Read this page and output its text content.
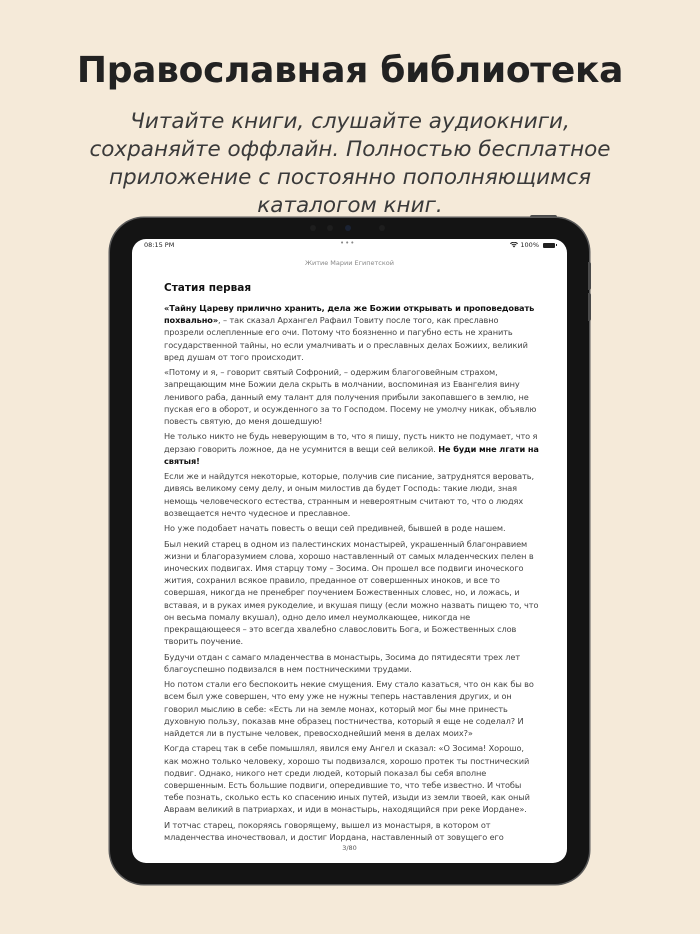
Православная библиотека
Читайте книги, слушайте аудиокниги, сохраняйте оффлайн. Полностью бесплатное приложение с постоянно пополняющимся каталогом книг.
08:15 PM	•••	100%
Житие Марии Египетской
Статия первая

«Тайну Цареву прилично хранить, дела же Божии открывать и проповедовать похвально», – так сказал Архангел Рафаил Товиту после того, как преславно прозрели ослепленные его очи. Потому что боязненно и пагубно есть не хранить государственной тайны, но если умалчивать и о преславных делах Божиих, великий вред душам от того происходит.

«Потому и я, – говорит святый Софроний, – одержим благоговейным страхом, запрещающим мне Божии дела скрыть в молчании, воспоминая из Евангелия вину ленивого раба, данный ему талант для получения прибыли закопавшего в землю, не пуская его в оборот, и осужденного за то Господом. Посему не умолчу никак, объявлю повесть святую, до меня дошедшую!

Не только никто не будь неверующим в то, что я пишу, пусть никто не подумает, что я дерзаю говорить ложное, да не усумнится в вещи сей великой. Не буди мне лгати на святыя!

Если же и найдутся некоторые, которые, получив сие писание, затруднятся веровать, дивясь великому сему делу, и оным милостив да будет Господь: такие люди, зная немощь человеческого естества, странным и невероятным считают то, что о людях возвещается нечто чудесное и преславное.

Но уже подобает начать повесть о вещи сей предивней, бывшей в роде нашем.

Был некий старец в одном из палестинских монастырей, украшенный благонравием жизни и благоразумием слова, хорошо наставленный от самых младенческих пелен в иноческих подвигах. Имя старцу тому – Зосима. Он прошел все подвиги иноческого жития, сохранил всякое правило, преданное от совершенных иноков, и все то совершая, никогда не пренебрег поучением Божественных словес, но, и ложась, и вставая, и в руках имея рукоделие, и вкушая пищу (если можно назвать пищею то, что он весьма помалу вкушал), одно дело имел неумолкающее, никогда не прекращающееся – это всегда хвалебно славословить Бога, и Божественных слов творить поучение.

Будучи отдан с самаго младенчества в монастырь, Зосима до пятидесяти трех лет благоуспешно подвизался в нем постническими трудами.

Но потом стали его беспокоить некие смущения. Ему стало казаться, что он как бы во всем был уже совершен, что ему уже не нужны теперь наставления других, и он говорил мыслию в себе: «Есть ли на земле монах, который мог бы мне принесть духовную пользу, показав мне образец постничества, который я еще не соделал? И найдется ли в пустыне человек, превосходнейший меня в делах моих?»

Когда старец так в себе помышлял, явился ему Ангел и сказал: «О Зосима! Хорошо, как можно только человеку, хорошо ты подвизался, хорошо протек ты постнический подвиг. Однако, никого нет среди людей, который показал бы себя вполне совершенным. Есть большие подвиги, опередившие то, что тебе известно. И чтобы тебе познать, сколько есть ко спасению иных путей, изыди из земли твоей, как оный Авраам великий в патриархах, и иди в монастырь, находящийся при реке Иордане».

И тотчас старец, покоряясь говорящему, вышел из монастыря, в котором от младенчества иночествовал, и достиг Иордана, наставленный от зовущего его

3/80
